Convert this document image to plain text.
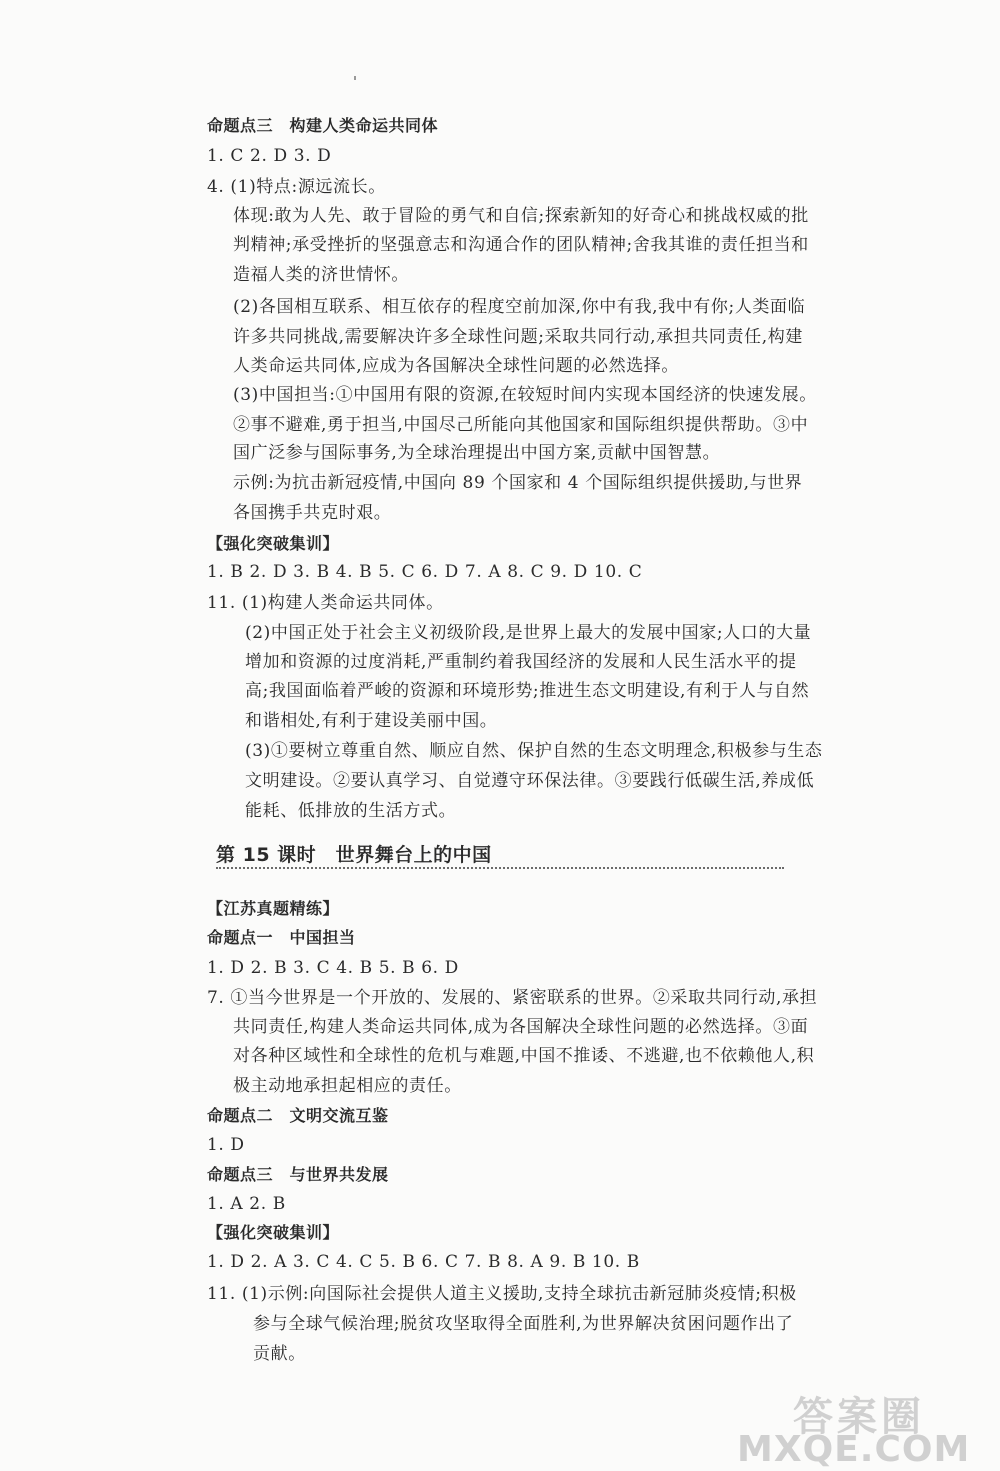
命题点三　构建人类命运共同体
1. C 2. D 3. D
4. (1)特点:源远流长。
体现:敢为人先、敢于冒险的勇气和自信;探索新知的好奇心和挑战权威的批
判精神;承受挫折的坚强意志和沟通合作的团队精神;舍我其谁的责任担当和
造福人类的济世情怀。
(2)各国相互联系、相互依存的程度空前加深,你中有我,我中有你;人类面临
许多共同挑战,需要解决许多全球性问题;采取共同行动,承担共同责任,构建
人类命运共同体,应成为各国解决全球性问题的必然选择。
(3)中国担当:①中国用有限的资源,在较短时间内实现本国经济的快速发展。
②事不避难,勇于担当,中国尽己所能向其他国家和国际组织提供帮助。③中
国广泛参与国际事务,为全球治理提出中国方案,贡献中国智慧。
示例:为抗击新冠疫情,中国向 89 个国家和 4 个国际组织提供援助,与世界
各国携手共克时艰。
【强化突破集训】
1. B 2. D 3. B 4. B 5. C 6. D 7. A 8. C 9. D 10. C
11. (1)构建人类命运共同体。
(2)中国正处于社会主义初级阶段,是世界上最大的发展中国家;人口的大量
增加和资源的过度消耗,严重制约着我国经济的发展和人民生活水平的提
高;我国面临着严峻的资源和环境形势;推进生态文明建设,有利于人与自然
和谐相处,有利于建设美丽中国。
(3)①要树立尊重自然、顺应自然、保护自然的生态文明理念,积极参与生态
文明建设。②要认真学习、自觉遵守环保法律。③要践行低碳生活,养成低
能耗、低排放的生活方式。
第 15 课时　世界舞台上的中国
【江苏真题精练】
命题点一　中国担当
1. D 2. B 3. C 4. B 5. B 6. D
7. ①当今世界是一个开放的、发展的、紧密联系的世界。②采取共同行动,承担
共同责任,构建人类命运共同体,成为各国解决全球性问题的必然选择。③面
对各种区域性和全球性的危机与难题,中国不推诿、不逃避,也不依赖他人,积
极主动地承担起相应的责任。
命题点二　文明交流互鉴
1. D
命题点三　与世界共发展
1. A 2. B
【强化突破集训】
1. D 2. A 3. C 4. C 5. B 6. C 7. B 8. A 9. B 10. B
11. (1)示例:向国际社会提供人道主义援助,支持全球抗击新冠肺炎疫情;积极
参与全球气候治理;脱贫攻坚取得全面胜利,为世界解决贫困问题作出了
贡献。
答案圈
MXQE.COM
